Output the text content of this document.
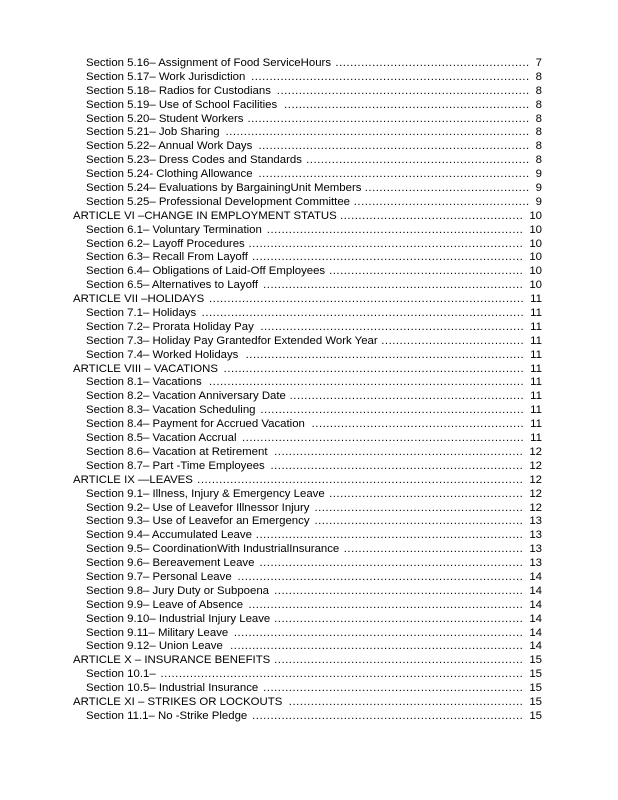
.....................................................
Section 5.16– Assignment of Food ServiceHours	7
............................................................................
Section 5.17– Work Jurisdiction	8
.....................................................................
Section 5.18– Radios for Custodians	8
...................................................................
Section 5.19– Use of School Facilities	8
.............................................................................
Section 5.20– Student Workers	8
...................................................................................
Section 5.21– Job Sharing	8
..........................................................................
Section 5.22– Annual Work Days	8
.............................................................
Section 5.23– Dress Codes and Standards	8
..........................................................................
Section 5.24- Clothing Allowance	9
.............................................
Section 5.24– Evaluations by BargainingUnit Members	9
................................................
Section 5.25– Professional Development Committee	9
..................................................
ARTICLE VI –CHANGE IN EMPLOYMENT STATUS	10
......................................................................
Section 6.1– Voluntary Termination	10
...........................................................................
Section 6.2– Layoff Procedures	10
..........................................................................
Section 6.3– Recall From Layoff	10
.....................................................
Section 6.4– Obligations of Laid-Off Employees	10
.......................................................................
Section 6.5– Alternatives to Layoff	10
......................................................................................
ARTICLE VII –HOLIDAYS	11
........................................................................................
Section 7.1– Holidays	11
........................................................................
Section 7.2– Prorata Holiday Pay	11
.......................................
Section 7.3– Holiday Pay Grantedfor Extended Work Year	11
............................................................................
Section 7.4– Worked Holidays	11
..................................................................................
ARTICLE VIII – VACATIONS	11
......................................................................................
Section 8.1– Vacations	11
................................................................
Section 8.2– Vacation Anniversary Date	11
........................................................................
Section 8.3– Vacation Scheduling	11
..........................................................
Section 8.4– Payment for Accrued Vacation	11
.............................................................................
Section 8.5– Vacation Accrual	11
....................................................................
Section 8.6– Vacation at Retirement	12
.....................................................................
Section 8.7– Part -Time Employees	12
.........................................................................................
ARTICLE IX —LEAVES	12
.....................................................
Section 9.1– Illness, Injury & Emergency Leave	12
.........................................................
Section 9.2– Use of Leavefor Illnessor Injury	12
.........................................................
Section 9.3– Use of Leavefor an Emergency	13
.........................................................................
Section 9.4– Accumulated Leave	13
.................................................
Section 9.5– CoordinationWith IndustrialInsurance	13
........................................................................
Section 9.6– Bereavement Leave	13
..............................................................................
Section 9.7– Personal Leave	14
....................................................................
Section 9.8– Jury Duty or Subpoena	14
...........................................................................
Section 9.9– Leave of Absence	14
....................................................................
Section 9.10– Industrial Injury Leave	14
...............................................................................
Section 9.11– Military Leave	14
................................................................................
Section 9.12– Union Leave	14
....................................................................
ARTICLE X – INSURANCE BENEFITS	15
...................................................................................................
Section 10.1–	15
.......................................................................
Section 10.5– Industrial Insurance	15
................................................................
ARTICLE XI – STRIKES OR LOCKOUTS	15
..........................................................................
Section 11.1– No -Strike Pledge	15
